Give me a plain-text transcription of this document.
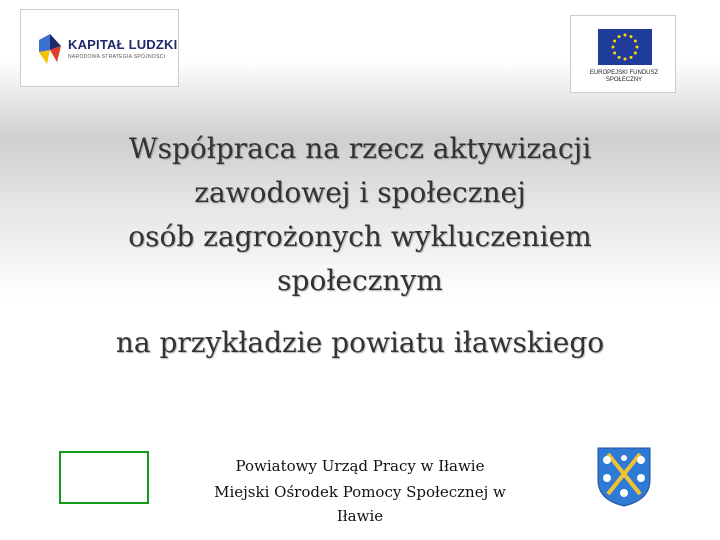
KAPITAŁ LUDZKI
NARODOWA STRATEGIA SPÓJNOŚCI
EUROPEJSKI FUNDUSZ
SPOŁECZNY
Współpraca na rzecz aktywizacji
zawodowej i społecznej
osób zagrożonych wykluczeniem
społecznym
na przykładzie powiatu iławskiego
Powiatowy Urząd Pracy w Iławie
Miejski Ośrodek Pomocy Społecznej w
Iławie
